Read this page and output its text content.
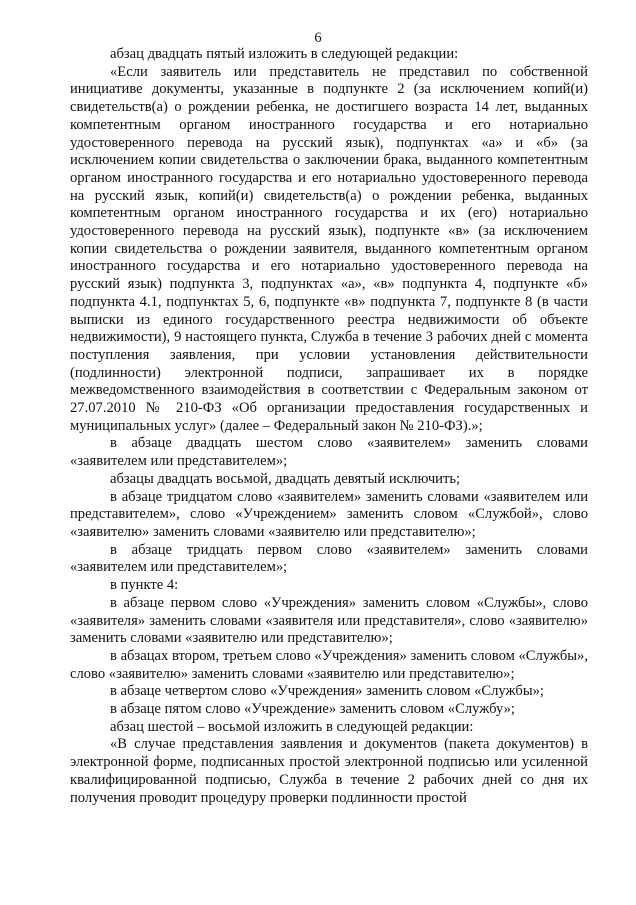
6

абзац двадцать пятый изложить в следующей редакции:

«Если заявитель или представитель не представил по собственной инициативе документы, указанные в подпункте 2 (за исключением копий(и) свидетельств(а) о рождении ребенка, не достигшего возраста 14 лет, выданных компетентным органом иностранного государства и его нотариально удостоверенного перевода на русский язык), подпунктах «а» и «б» (за исключением копии свидетельства о заключении брака, выданного компетентным органом иностранного государства и его нотариально удостоверенного перевода на русский язык, копий(и) свидетельств(а) о рождении ребенка, выданных компетентным органом иностранного государства и их (его) нотариально удостоверенного перевода на русский язык), подпункте «в» (за исключением копии свидетельства о рождении заявителя, выданного компетентным органом иностранного государства и его нотариально удостоверенного перевода на русский язык) подпункта 3, подпунктах «а», «в» подпункта 4, подпункте «б» подпункта 4.1, подпунктах 5, 6, подпункте «в» подпункта 7, подпункте 8 (в части выписки из единого государственного реестра недвижимости об объекте недвижимости), 9 настоящего пункта, Служба в течение 3 рабочих дней с момента поступления заявления, при условии установления действительности (подлинности) электронной подписи, запрашивает их в порядке межведомственного взаимодействия в соответствии с Федеральным законом от 27.07.2010 № 210-ФЗ «Об организации предоставления государственных и муниципальных услуг» (далее – Федеральный закон № 210-ФЗ).»;

в абзаце двадцать шестом слово «заявителем» заменить словами «заявителем или представителем»;

абзацы двадцать восьмой, двадцать девятый исключить;

в абзаце тридцатом слово «заявителем» заменить словами «заявителем или представителем», слово «Учреждением» заменить словом «Службой», слово «заявителю» заменить словами «заявителю или представителю»;

в абзаце тридцать первом слово «заявителем» заменить словами «заявителем или представителем»;

в пункте 4:

в абзаце первом слово «Учреждения» заменить словом «Службы», слово «заявителя» заменить словами «заявителя или представителя», слово «заявителю» заменить словами «заявителю или представителю»;

в абзацах втором, третьем слово «Учреждения» заменить словом «Службы», слово «заявителю» заменить словами «заявителю или представителю»;

в абзаце четвертом слово «Учреждения» заменить словом «Службы»;

в абзаце пятом слово «Учреждение» заменить словом «Службу»;

абзац шестой – восьмой изложить в следующей редакции:

«В случае представления заявления и документов (пакета документов) в электронной форме, подписанных простой электронной подписью или усиленной квалифицированной подписью, Служба в течение 2 рабочих дней со дня их получения проводит процедуру проверки подлинности простой
